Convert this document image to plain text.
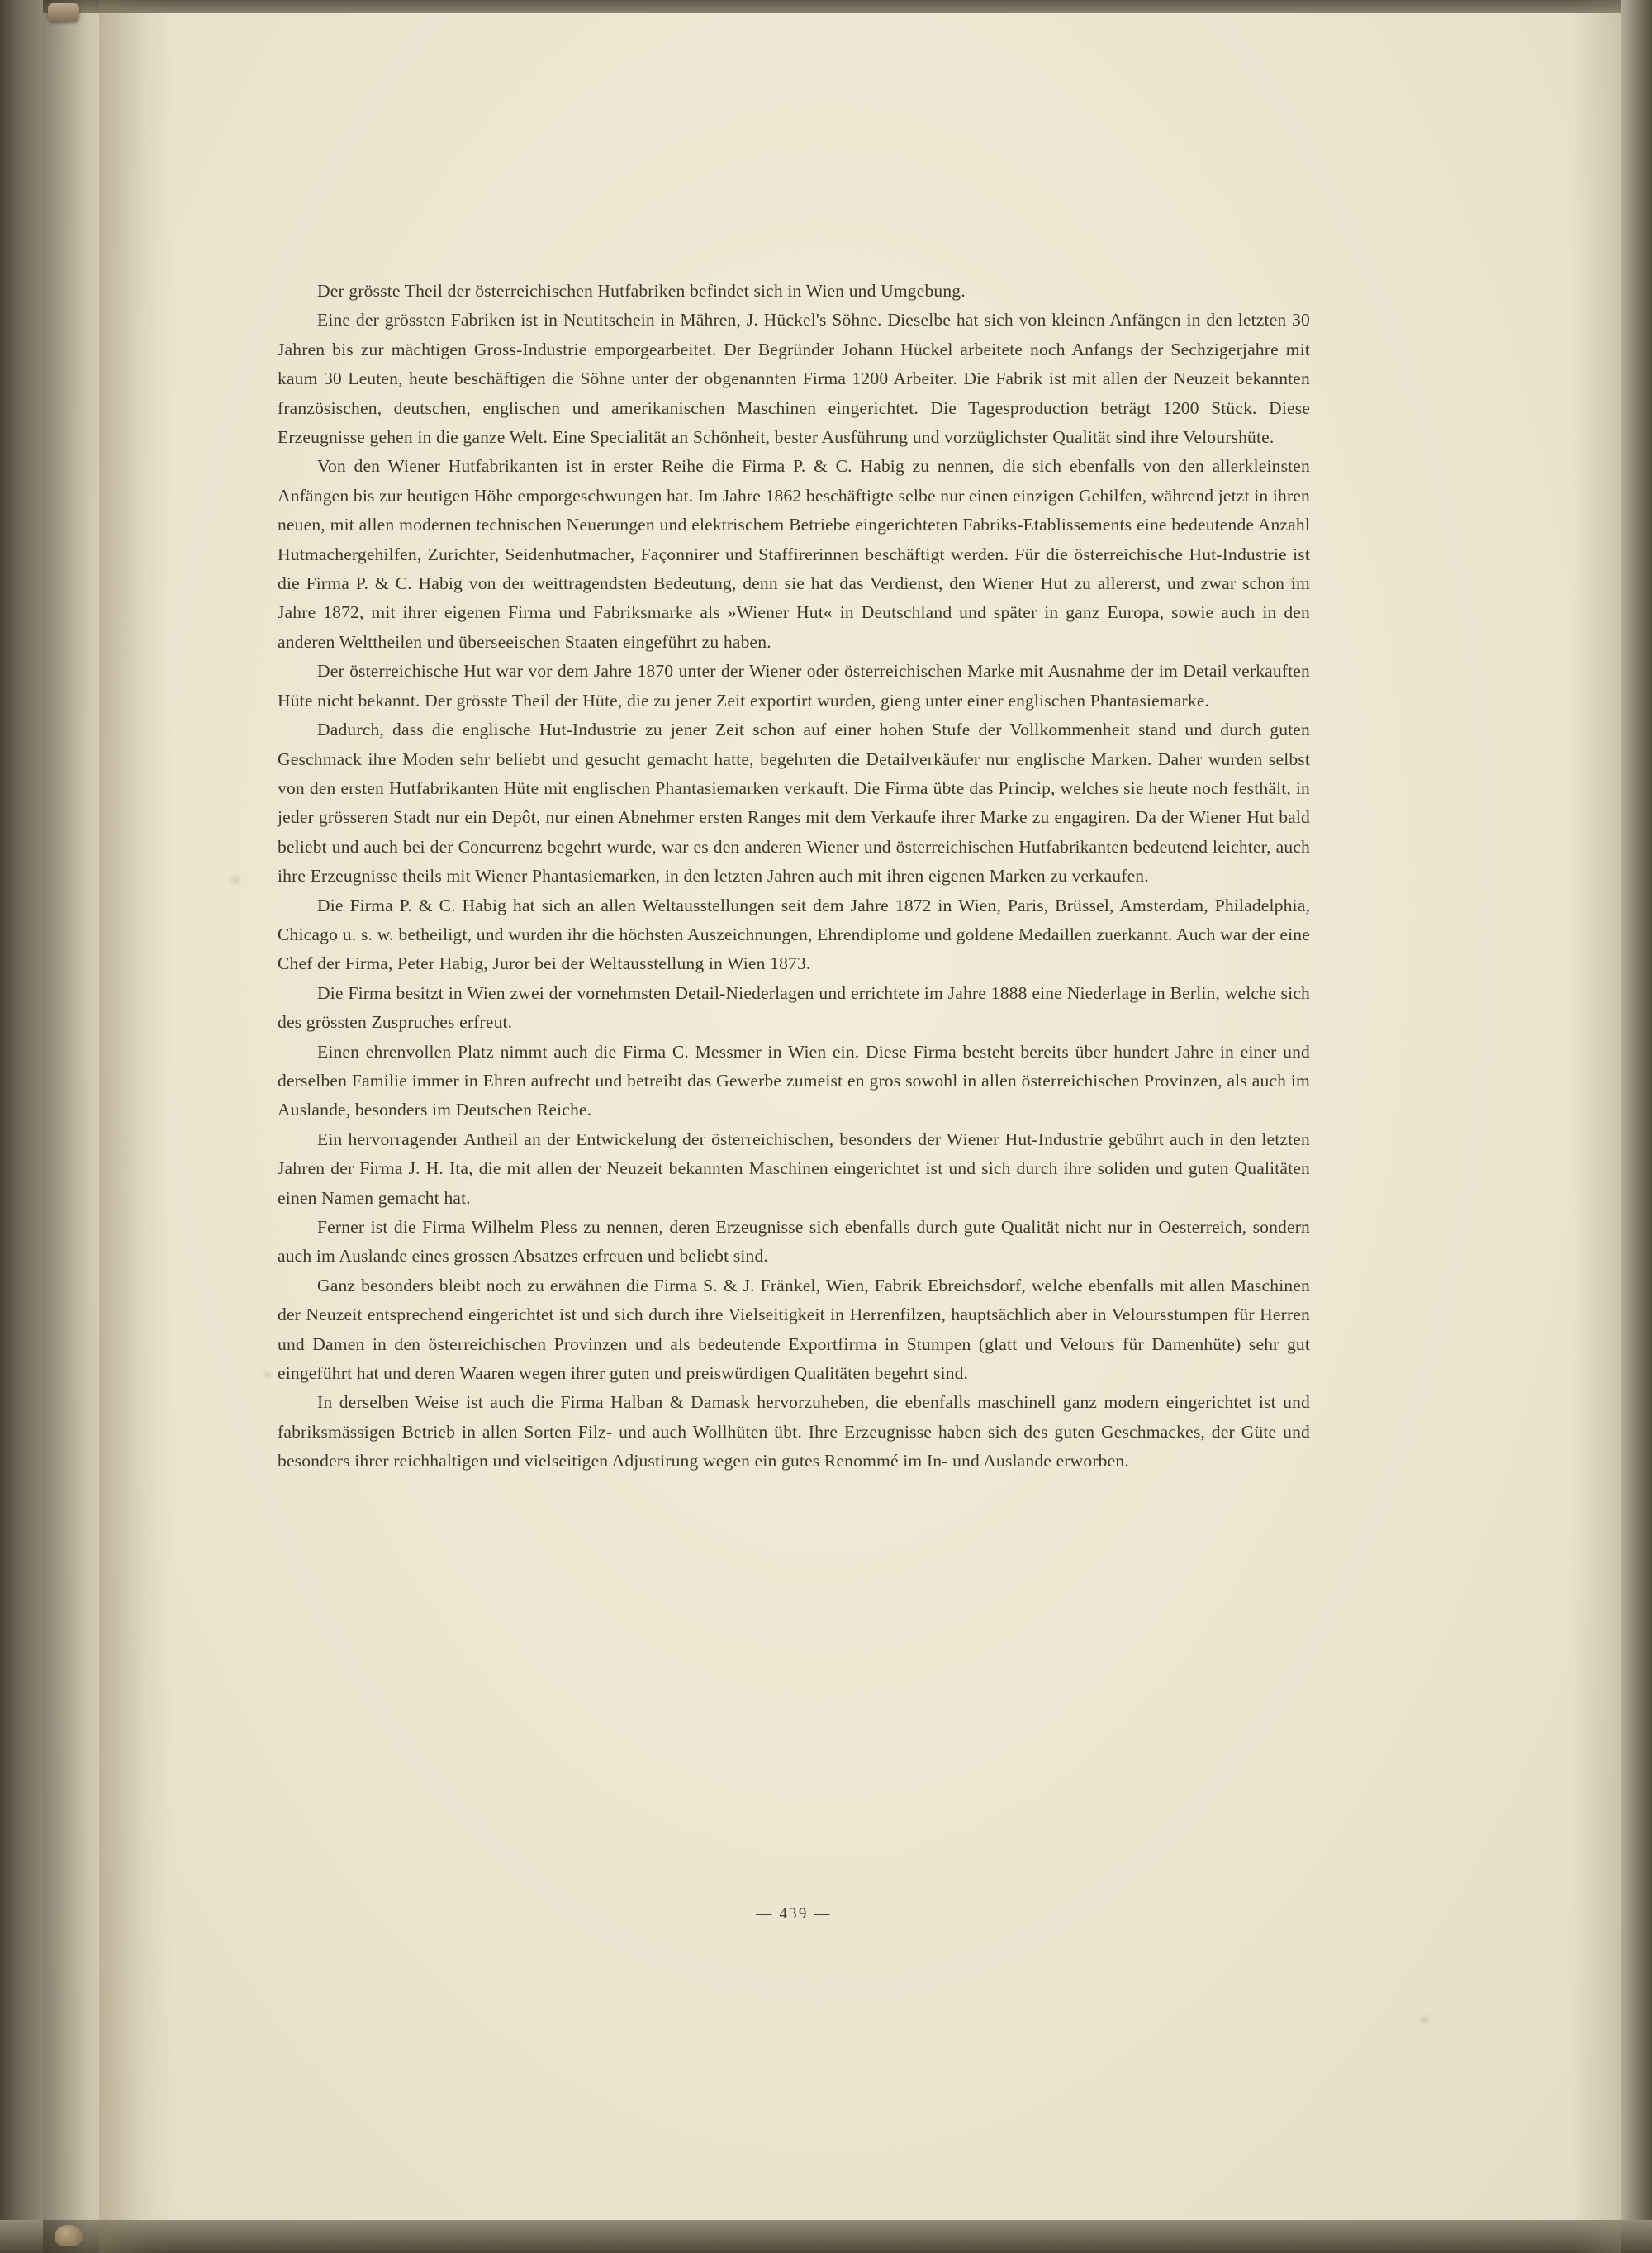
Der grösste Theil der österreichischen Hutfabriken befindet sich in Wien und Umgebung.

Eine der grössten Fabriken ist in Neutitschein in Mähren, J. Hückel's Söhne. Dieselbe hat sich von kleinen Anfängen in den letzten 30 Jahren bis zur mächtigen Gross-Industrie emporgearbeitet. Der Begründer Johann Hückel arbeitete noch Anfangs der Sechzigerjahre mit kaum 30 Leuten, heute beschäftigen die Söhne unter der obgenannten Firma 1200 Arbeiter. Die Fabrik ist mit allen der Neuzeit bekannten französischen, deutschen, englischen und amerikanischen Maschinen eingerichtet. Die Tagesproduction beträgt 1200 Stück. Diese Erzeugnisse gehen in die ganze Welt. Eine Specialität an Schönheit, bester Ausführung und vorzüglichster Qualität sind ihre Velourshüte.

Von den Wiener Hutfabrikanten ist in erster Reihe die Firma P. & C. Habig zu nennen, die sich ebenfalls von den allerkleinsten Anfängen bis zur heutigen Höhe emporgeschwungen hat. Im Jahre 1862 beschäftigte selbe nur einen einzigen Gehilfen, während jetzt in ihren neuen, mit allen modernen technischen Neuerungen und elektrischem Betriebe eingerichteten Fabriks-Etablissements eine bedeutende Anzahl Hutmachergehilfen, Zurichter, Seidenhutmacher, Façonnirer und Staffirerinnen beschäftigt werden. Für die österreichische Hut-Industrie ist die Firma P. & C. Habig von der weittragendsten Bedeutung, denn sie hat das Verdienst, den Wiener Hut zu allererst, und zwar schon im Jahre 1872, mit ihrer eigenen Firma und Fabriksmarke als »Wiener Hut« in Deutschland und später in ganz Europa, sowie auch in den anderen Welttheilen und überseeischen Staaten eingeführt zu haben.

Der österreichische Hut war vor dem Jahre 1870 unter der Wiener oder österreichischen Marke mit Ausnahme der im Detail verkauften Hüte nicht bekannt. Der grösste Theil der Hüte, die zu jener Zeit exportirt wurden, gieng unter einer englischen Phantasiemarke.

Dadurch, dass die englische Hut-Industrie zu jener Zeit schon auf einer hohen Stufe der Vollkommenheit stand und durch guten Geschmack ihre Moden sehr beliebt und gesucht gemacht hatte, begehrten die Detailverkäufer nur englische Marken. Daher wurden selbst von den ersten Hutfabrikanten Hüte mit englischen Phantasiemarken verkauft. Die Firma übte das Princip, welches sie heute noch festhält, in jeder grösseren Stadt nur ein Depôt, nur einen Abnehmer ersten Ranges mit dem Verkaufe ihrer Marke zu engagiren. Da der Wiener Hut bald beliebt und auch bei der Concurrenz begehrt wurde, war es den anderen Wiener und österreichischen Hutfabrikanten bedeutend leichter, auch ihre Erzeugnisse theils mit Wiener Phantasiemarken, in den letzten Jahren auch mit ihren eigenen Marken zu verkaufen.

Die Firma P. & C. Habig hat sich an allen Weltausstellungen seit dem Jahre 1872 in Wien, Paris, Brüssel, Amsterdam, Philadelphia, Chicago u. s. w. betheiligt, und wurden ihr die höchsten Auszeichnungen, Ehrendiplome und goldene Medaillen zuerkannt. Auch war der eine Chef der Firma, Peter Habig, Juror bei der Weltausstellung in Wien 1873.

Die Firma besitzt in Wien zwei der vornehmsten Detail-Niederlagen und errichtete im Jahre 1888 eine Niederlage in Berlin, welche sich des grössten Zuspruches erfreut.

Einen ehrenvollen Platz nimmt auch die Firma C. Messmer in Wien ein. Diese Firma besteht bereits über hundert Jahre in einer und derselben Familie immer in Ehren aufrecht und betreibt das Gewerbe zumeist en gros sowohl in allen österreichischen Provinzen, als auch im Auslande, besonders im Deutschen Reiche.

Ein hervorragender Antheil an der Entwickelung der österreichischen, besonders der Wiener Hut-Industrie gebührt auch in den letzten Jahren der Firma J. H. Ita, die mit allen der Neuzeit bekannten Maschinen eingerichtet ist und sich durch ihre soliden und guten Qualitäten einen Namen gemacht hat.

Ferner ist die Firma Wilhelm Pless zu nennen, deren Erzeugnisse sich ebenfalls durch gute Qualität nicht nur in Oesterreich, sondern auch im Auslande eines grossen Absatzes erfreuen und beliebt sind.

Ganz besonders bleibt noch zu erwähnen die Firma S. & J. Fränkel, Wien, Fabrik Ebreichsdorf, welche ebenfalls mit allen Maschinen der Neuzeit entsprechend eingerichtet ist und sich durch ihre Vielseitigkeit in Herrenfilzen, hauptsächlich aber in Veloursstumpen für Herren und Damen in den österreichischen Provinzen und als bedeutende Exportfirma in Stumpen (glatt und Velours für Damenhüte) sehr gut eingeführt hat und deren Waaren wegen ihrer guten und preiswürdigen Qualitäten begehrt sind.

In derselben Weise ist auch die Firma Halban & Damask hervorzuheben, die ebenfalls maschinell ganz modern eingerichtet ist und fabriksmässigen Betrieb in allen Sorten Filz- und auch Wollhüten übt. Ihre Erzeugnisse haben sich des guten Geschmackes, der Güte und besonders ihrer reichhaltigen und vielseitigen Adjustirung wegen ein gutes Renommé im In- und Auslande erworben.

— 439 —
